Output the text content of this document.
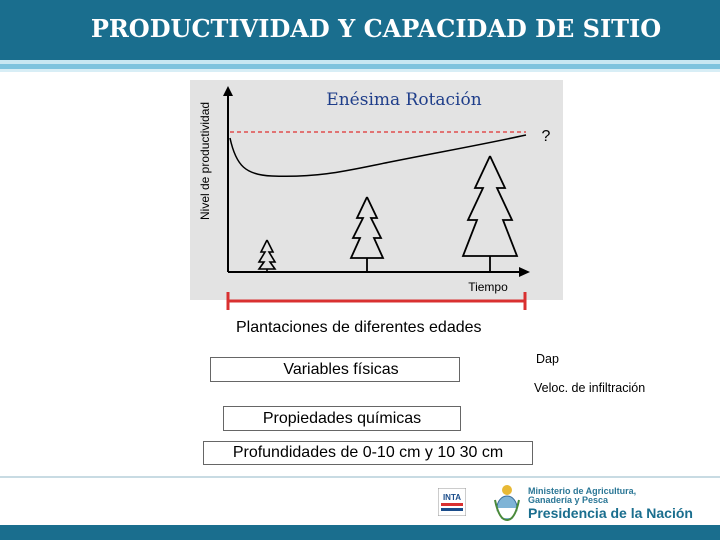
PRODUCTIVIDAD Y CAPACIDAD DE SITIO
Enésima Rotación
Nivel de productividad
Tiempo
?
Plantaciones de diferentes edades
Variables físicas
Propiedades químicas
Profundidades de 0-10 cm y 10 30 cm
Dap
Veloc. de infiltración
INTA
Ministerio de Agricultura,
Ganadería y Pesca
Presidencia de la Nación
